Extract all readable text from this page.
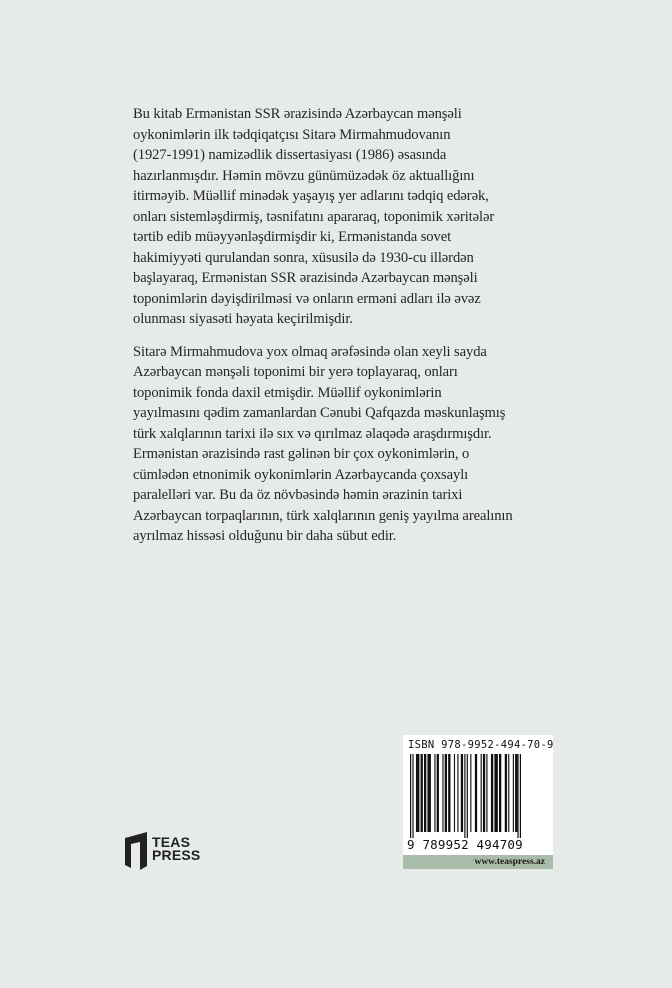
Bu kitab Ermənistan SSR ərazisində Azərbaycan mənşəli
oykonimlərin ilk tədqiqatçısı Sitarə Mirmahmudovanın
(1927-1991) namizədlik dissertasiyası (1986) əsasında
hazırlanmışdır. Həmin mövzu günümüzədək öz aktuallığını
itirməyib. Müəllif minədək yaşayış yer adlarını tədqiq edərək,
onları sistemləşdirmiş, təsnifatını apararaq, toponimik xəritələr
tərtib edib müəyyənləşdirmişdir ki, Ermənistanda sovet
hakimiyyəti qurulandan sonra, xüsusilə də 1930-cu illərdən
başlayaraq, Ermənistan SSR ərazisində Azərbaycan mənşəli
toponimlərin dəyişdirilməsi və onların erməni adları ilə əvəz
olunması siyasəti həyata keçirilmişdir.

Sitarə Mirmahmudova yox olmaq ərəfəsində olan xeyli sayda
Azərbaycan mənşəli toponimi bir yerə toplayaraq, onları
toponimik fonda daxil etmişdir. Müəllif oykonimlərin
yayılmasını qədim zamanlardan Cənubi Qafqazda məskunlaşmış
türk xalqlarının tarixi ilə sıx və qırılmaz əlaqədə araşdırmışdır.
Ermənistan ərazisində rast gəlinən bir çox oykonimlərin, o
cümlədən etnonimik oykonimlərin Azərbaycanda çoxsaylı
paralelləri var. Bu da öz növbəsində həmin ərazinin tarixi
Azərbaycan torpaqlarının, türk xalqlarının geniş yayılma arealının
ayrılmaz hissəsi olduğunu bir daha sübut edir.

ISBN 978-9952-494-70-9
9 789952 494709
www.teaspress.az
TEAS
PRESS
